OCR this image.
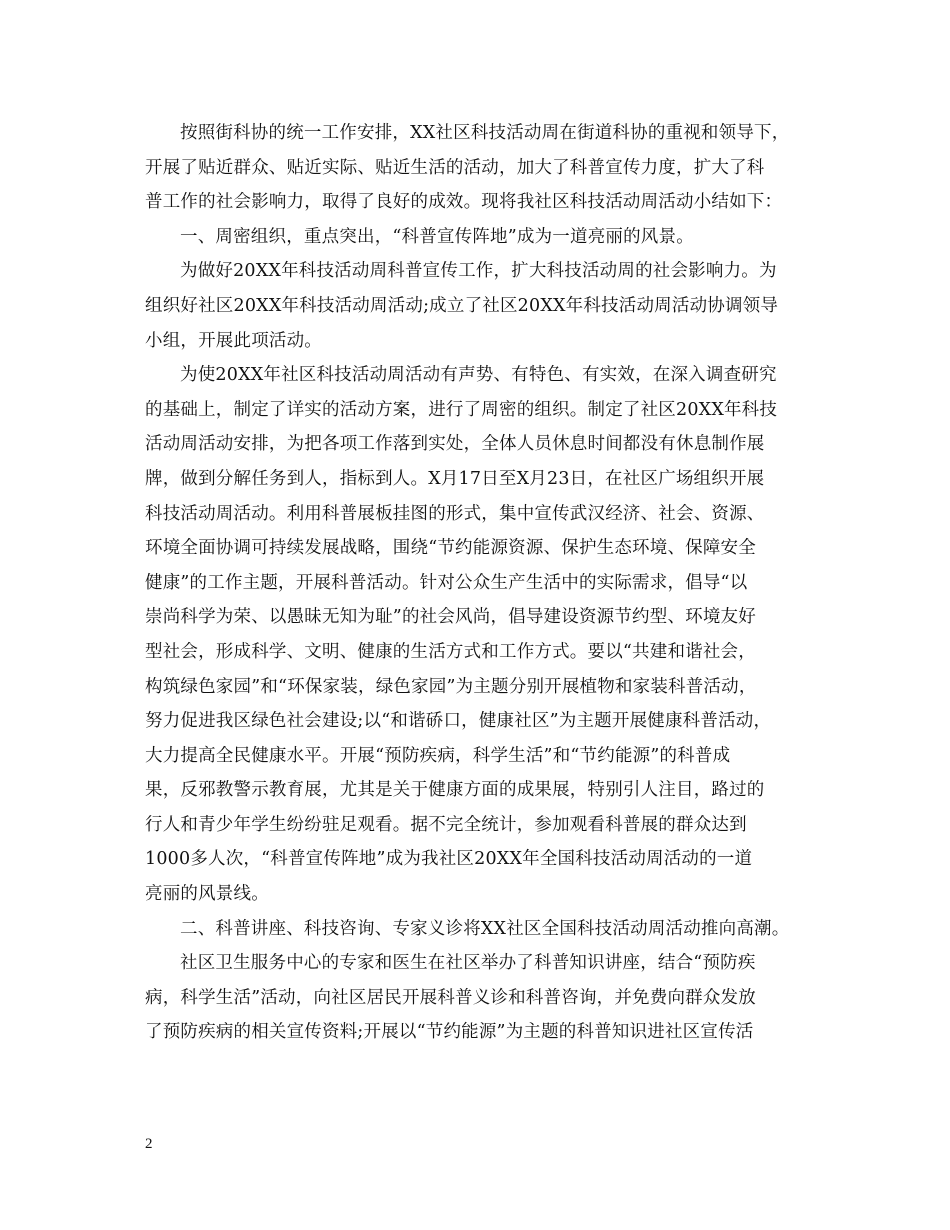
按照街科协的统一工作安排，XX社区科技活动周在街道科协的重视和领导下，
开展了贴近群众、贴近实际、贴近生活的活动，加大了科普宣传力度，扩大了科
普工作的社会影响力，取得了良好的成效。现将我社区科技活动周活动小结如下：
一、周密组织，重点突出，“科普宣传阵地”成为一道亮丽的风景。
为做好20XX年科技活动周科普宣传工作，扩大科技活动周的社会影响力。为
组织好社区20XX年科技活动周活动;成立了社区20XX年科技活动周活动协调领导
小组，开展此项活动。
为使20XX年社区科技活动周活动有声势、有特色、有实效，在深入调查研究
的基础上，制定了详实的活动方案，进行了周密的组织。制定了社区20XX年科技
活动周活动安排，为把各项工作落到实处，全体人员休息时间都没有休息制作展
牌，做到分解任务到人，指标到人。X月17日至X月23日，在社区广场组织开展
科技活动周活动。利用科普展板挂图的形式，集中宣传武汉经济、社会、资源、
环境全面协调可持续发展战略，围绕“节约能源资源、保护生态环境、保障安全
健康”的工作主题，开展科普活动。针对公众生产生活中的实际需求，倡导“以
崇尚科学为荣、以愚昧无知为耻”的社会风尚，倡导建设资源节约型、环境友好
型社会，形成科学、文明、健康的生活方式和工作方式。要以“共建和谐社会，
构筑绿色家园”和“环保家装，绿色家园”为主题分别开展植物和家装科普活动，
努力促进我区绿色社会建设;以“和谐硚口，健康社区”为主题开展健康科普活动，
大力提高全民健康水平。开展“预防疾病，科学生活”和“节约能源”的科普成
果，反邪教警示教育展，尤其是关于健康方面的成果展，特别引人注目，路过的
行人和青少年学生纷纷驻足观看。据不完全统计，参加观看科普展的群众达到
1000多人次，“科普宣传阵地”成为我社区20XX年全国科技活动周活动的一道
亮丽的风景线。
二、科普讲座、科技咨询、专家义诊将XX社区全国科技活动周活动推向高潮。
社区卫生服务中心的专家和医生在社区举办了科普知识讲座，结合“预防疾
病，科学生活”活动，向社区居民开展科普义诊和科普咨询，并免费向群众发放
了预防疾病的相关宣传资料;开展以“节约能源”为主题的科普知识进社区宣传活
2
